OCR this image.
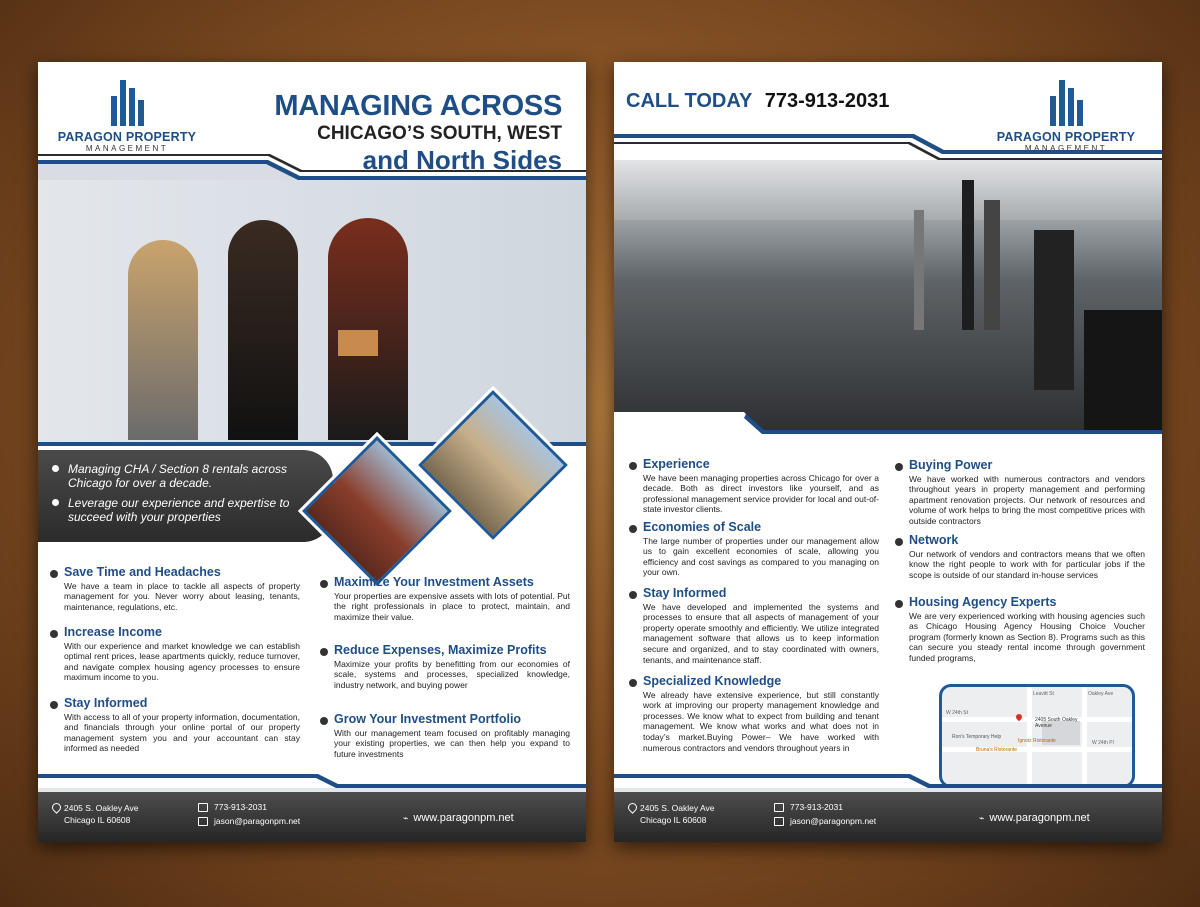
PARAGON PROPERTY
MANAGEMENT
MANAGING ACROSS
CHICAGO’S SOUTH, WEST
and North Sides
Managing CHA / Section 8 rentals across Chicago for over a decade.
Leverage our experience and expertise to succeed with your properties
Save Time and Headaches

We have a team in place to tackle all aspects of property management for you. Never worry about leasing, tenants, maintenance, regulations, etc.

Increase Income

With our experience and market knowledge we can establish optimal rent prices, lease apartments quickly, reduce turnover, and navigate complex housing agency processes to ensure maximum income to you.

Stay Informed

With access to all of your property information, documentation, and financials through your online portal of our property management system you and your accountant can stay informed as needed

Maximize Your Investment Assets

Your properties are expensive assets with lots of potential. Put the right professionals in place to protect, maintain, and maximize their value.

Reduce Expenses, Maximize Profits

Maximize your profits by benefitting from our economies of scale, systems and processes, specialized knowledge, industry network, and buying power

Grow Your Investment Portfolio

With our management team focused on profitably managing your existing properties, we can then help you expand to future investments

2405 S. Oakley Ave
Chicago IL 60608
773-913-2031
jason@paragonpm.net	⌁ www.paragonpm.net
CALL TODAY 773-913-2031
PARAGON PROPERTY
MANAGEMENT
Experience

We have been managing properties across Chicago for over a decade. Both as direct investors like yourself, and as professional management service provider for local and out-of-state investor clients.

Economies of Scale

The large number of properties under our management allow us to gain excellent economies of scale, allowing you efficiency and cost savings as compared to you managing on your own.

Stay Informed

We have developed and implemented the systems and processes to ensure that all aspects of management of your property operate smoothly and efficiently. We utilize integrated management software that allows us to keep information secure and organized, and to stay coordinated with owners, tenants, and maintenance staff.

Specialized Knowledge

We already have extensive experience, but still constantly work at improving our property management knowledge and processes. We know what to expect from building and tenant management. We know what works and what does not in today’s market.Buying Power– We have worked with numerous contractors and vendors throughout years in

Buying Power

We have worked with numerous contractors and vendors throughout years in property management and performing apartment renovation projects. Our network of resources and volume of work helps to bring the most competitive prices with outside contractors

Network

Our network of vendors and contractors means that we often know the right people to work with for particular jobs if the scope is outside of our standard in-house services

Housing Agency Experts

We are very experienced working with housing agencies such as Chicago Housing Agency Housing Choice Voucher program (formerly known as Section 8). Programs such as this can secure you steady rental income through government funded programs,

W 24th St
W 24th Pl
Leavitt St	Oakley Ave
2405 South Oakley Avenue
Ron's Temporary Help
Ignotz Ristorante
Bruna's Ristorante
2405 S. Oakley Ave
Chicago IL 60608
773-913-2031
jason@paragonpm.net	⌁ www.paragonpm.net
